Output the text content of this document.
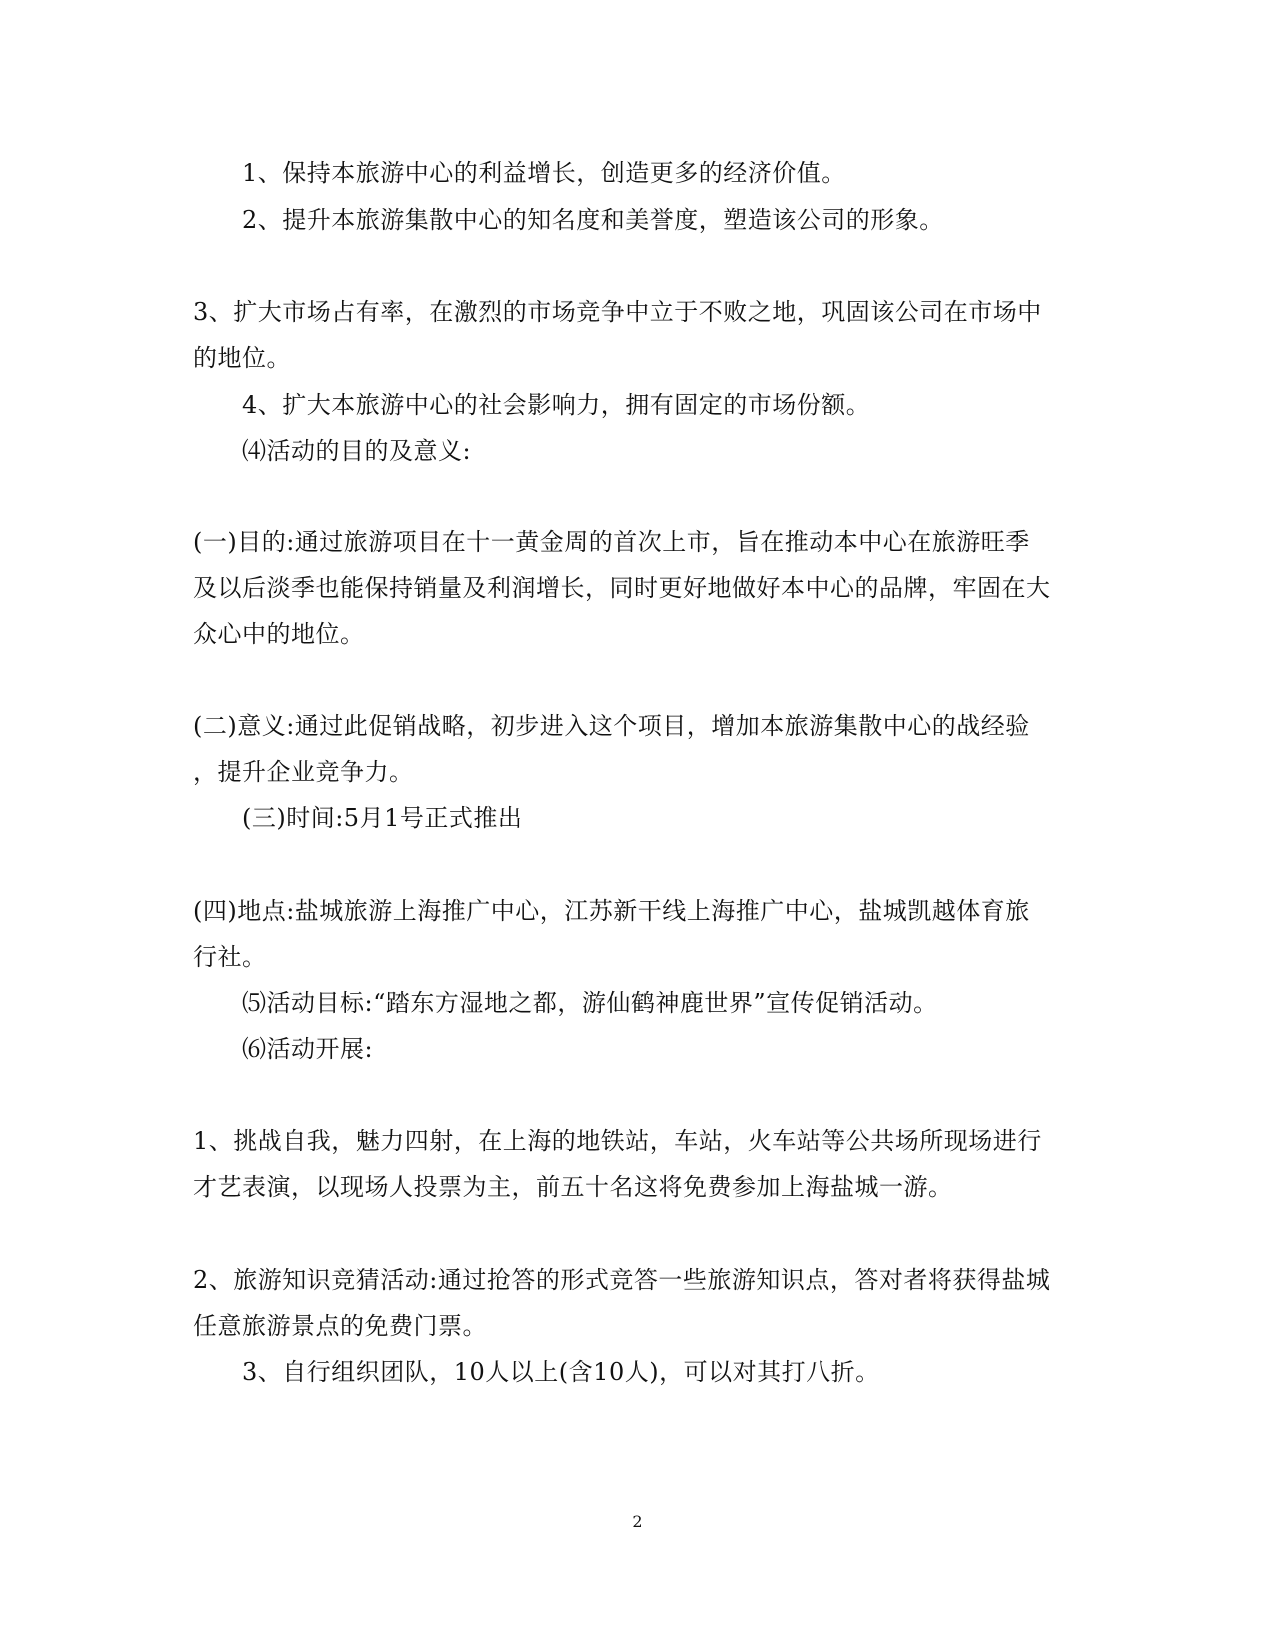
1、保持本旅游中心的利益增长，创造更多的经济价值。
2、提升本旅游集散中心的知名度和美誉度，塑造该公司的形象。
3、扩大市场占有率，在激烈的市场竞争中立于不败之地，巩固该公司在市场中
的地位。
4、扩大本旅游中心的社会影响力，拥有固定的市场份额。
⑷活动的目的及意义:
(一)目的:通过旅游项目在十一黄金周的首次上市，旨在推动本中心在旅游旺季
及以后淡季也能保持销量及利润增长，同时更好地做好本中心的品牌，牢固在大
众心中的地位。
(二)意义:通过此促销战略，初步进入这个项目，增加本旅游集散中心的战经验
，提升企业竞争力。
(三)时间:5月1号正式推出
(四)地点:盐城旅游上海推广中心，江苏新干线上海推广中心，盐城凯越体育旅
行社。
⑸活动目标:“踏东方湿地之都，游仙鹤神鹿世界”宣传促销活动。
⑹活动开展:
1、挑战自我，魅力四射，在上海的地铁站，车站，火车站等公共场所现场进行
才艺表演，以现场人投票为主，前五十名这将免费参加上海盐城一游。
2、旅游知识竞猜活动:通过抢答的形式竞答一些旅游知识点，答对者将获得盐城
任意旅游景点的免费门票。
3、自行组织团队，10人以上(含10人)，可以对其打八折。
2
